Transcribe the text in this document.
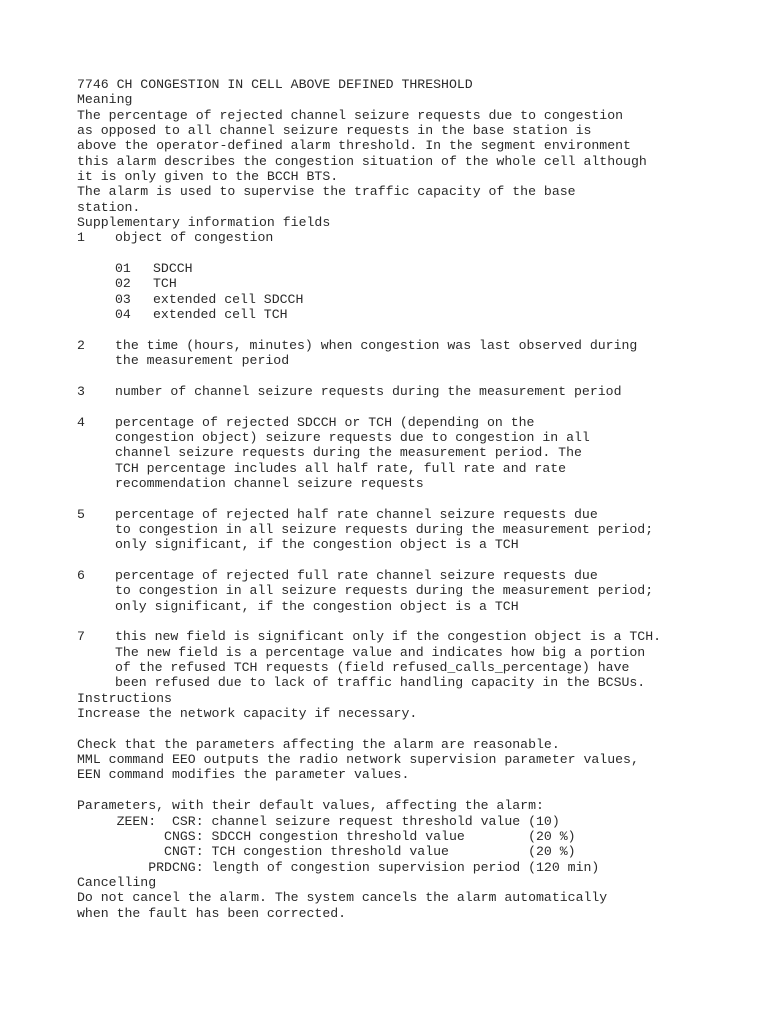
7746 CH CONGESTION IN CELL ABOVE DEFINED THRESHOLD
Meaning
The percentage of rejected channel seizure requests due to congestion
as opposed to all channel seizure requests in the base station is
above the operator-defined alarm threshold. In the segment environment
this alarm describes the congestion situation of the whole cell although
it is only given to the BCCH BTS.
The alarm is used to supervise the traffic capacity of the base
station.
Supplementary information fields
1	object of congestion
01	SDCCH
02	TCH
03	extended cell SDCCH
04	extended cell TCH
2	the time (hours, minutes) when congestion was last observed during
the measurement period
3	number of channel seizure requests during the measurement period
4	percentage of rejected SDCCH or TCH (depending on the
congestion object) seizure requests due to congestion in all
channel seizure requests during the measurement period. The
TCH percentage includes all half rate, full rate and rate
recommendation channel seizure requests
5	percentage of rejected half rate channel seizure requests due
to congestion in all seizure requests during the measurement period;
only significant, if the congestion object is a TCH
6	percentage of rejected full rate channel seizure requests due
to congestion in all seizure requests during the measurement period;
only significant, if the congestion object is a TCH
7	this new field is significant only if the congestion object is a TCH.
The new field is a percentage value and indicates how big a portion
of the refused TCH requests (field refused_calls_percentage) have
been refused due to lack of traffic handling capacity in the BCSUs.
Instructions
Increase the network capacity if necessary.
Check that the parameters affecting the alarm are reasonable.
MML command EEO outputs the radio network supervision parameter values,
EEN command modifies the parameter values.
Parameters, with their default values, affecting the alarm:
ZEEN:  CSR: channel seizure request threshold value (10)
CNGS: SDCCH congestion threshold value        (20 %)
CNGT: TCH congestion threshold value          (20 %)
PRDCNG: length of congestion supervision period (120 min)
Cancelling
Do not cancel the alarm. The system cancels the alarm automatically
when the fault has been corrected.
